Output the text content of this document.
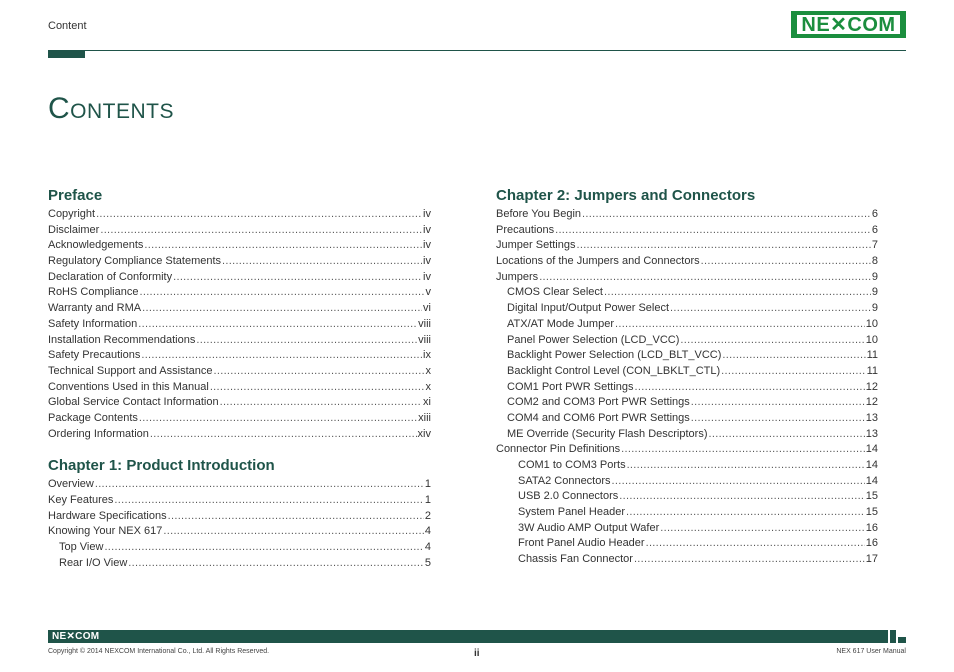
Content	NE✕COM
Contents
Preface
Copyright .....	iv
Disclaimer .....	iv
Acknowledgements .....	iv
Regulatory Compliance Statements .....	iv
Declaration of Conformity .....	iv
RoHS Compliance .....	v
Warranty and RMA .....	vi
Safety Information .....	viii
Installation Recommendations .....	viii
Safety Precautions .....	ix
Technical Support and Assistance .....	x
Conventions Used in this Manual .....	x
Global Service Contact Information .....	xi
Package Contents .....	xiii
Ordering Information .....	xiv
Chapter 1: Product Introduction
Overview .....	1
Key Features .....	1
Hardware Specifications .....	2
Knowing Your NEX 617 .....	4
Top View .....	4
Rear I/O View .....	5
Chapter 2: Jumpers and Connectors
Before You Begin .....	6
Precautions .....	6
Jumper Settings .....	7
Locations of the Jumpers and Connectors .....	8
Jumpers .....	9
CMOS Clear Select .....	9
Digital Input/Output Power Select .....	9
ATX/AT Mode Jumper .....	10
Panel Power Selection (LCD_VCC) .....	10
Backlight Power Selection (LCD_BLT_VCC) .....	11
Backlight Control Level (CON_LBKLT_CTL) .....	11
COM1 Port PWR Settings .....	12
COM2 and COM3 Port PWR Settings .....	12
COM4 and COM6 Port PWR Settings .....	13
ME Override (Security Flash Descriptors) .....	13
Connector Pin Definitions .....	14
COM1 to COM3 Ports .....	14
SATA2 Connectors .....	14
USB 2.0 Connectors .....	15
System Panel Header .....	15
3W Audio AMP Output Wafer .....	16
Front Panel Audio Header .....	16
Chassis Fan Connector .....	17
NE✕COM
Copyright © 2014 NEXCOM International Co., Ltd. All Rights Reserved.	ii	NEX 617 User Manual
